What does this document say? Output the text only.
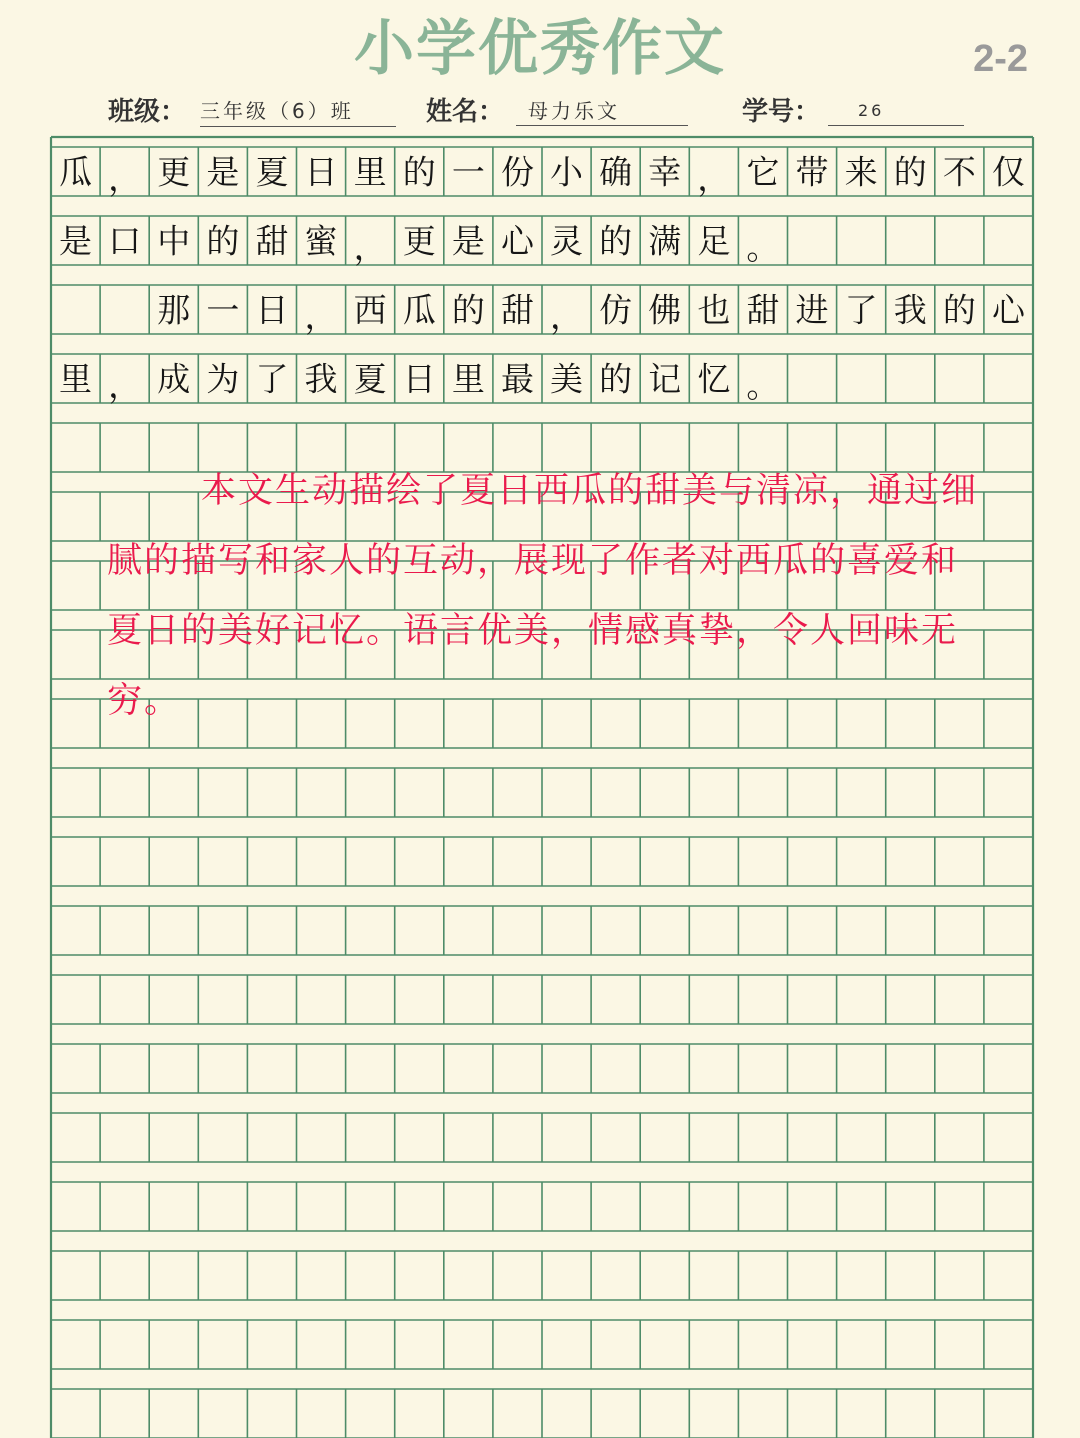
小学优秀作文	2-2
班级： 三年级（6）班	姓名：	母力乐文	学号：	26
瓜 ， 更 是 夏 日 里 的 一 份 小 确 幸 ， 它 带 来 的 不 仅
是 口 中 的 甜 蜜 ， 更 是 心 灵 的 满 足 。
那 一 日 ， 西 瓜 的 甜 ， 仿 佛 也 甜 进 了 我 的 心
里 ， 成 为 了 我 夏 日 里 最 美 的 记 忆 。

本文生动描绘了夏日西瓜的甜美与清凉，通过细腻的描写和家人的互动，展现了作者对西瓜的喜爱和夏日的美好记忆。语言优美，情感真挚，令人回味无穷。
